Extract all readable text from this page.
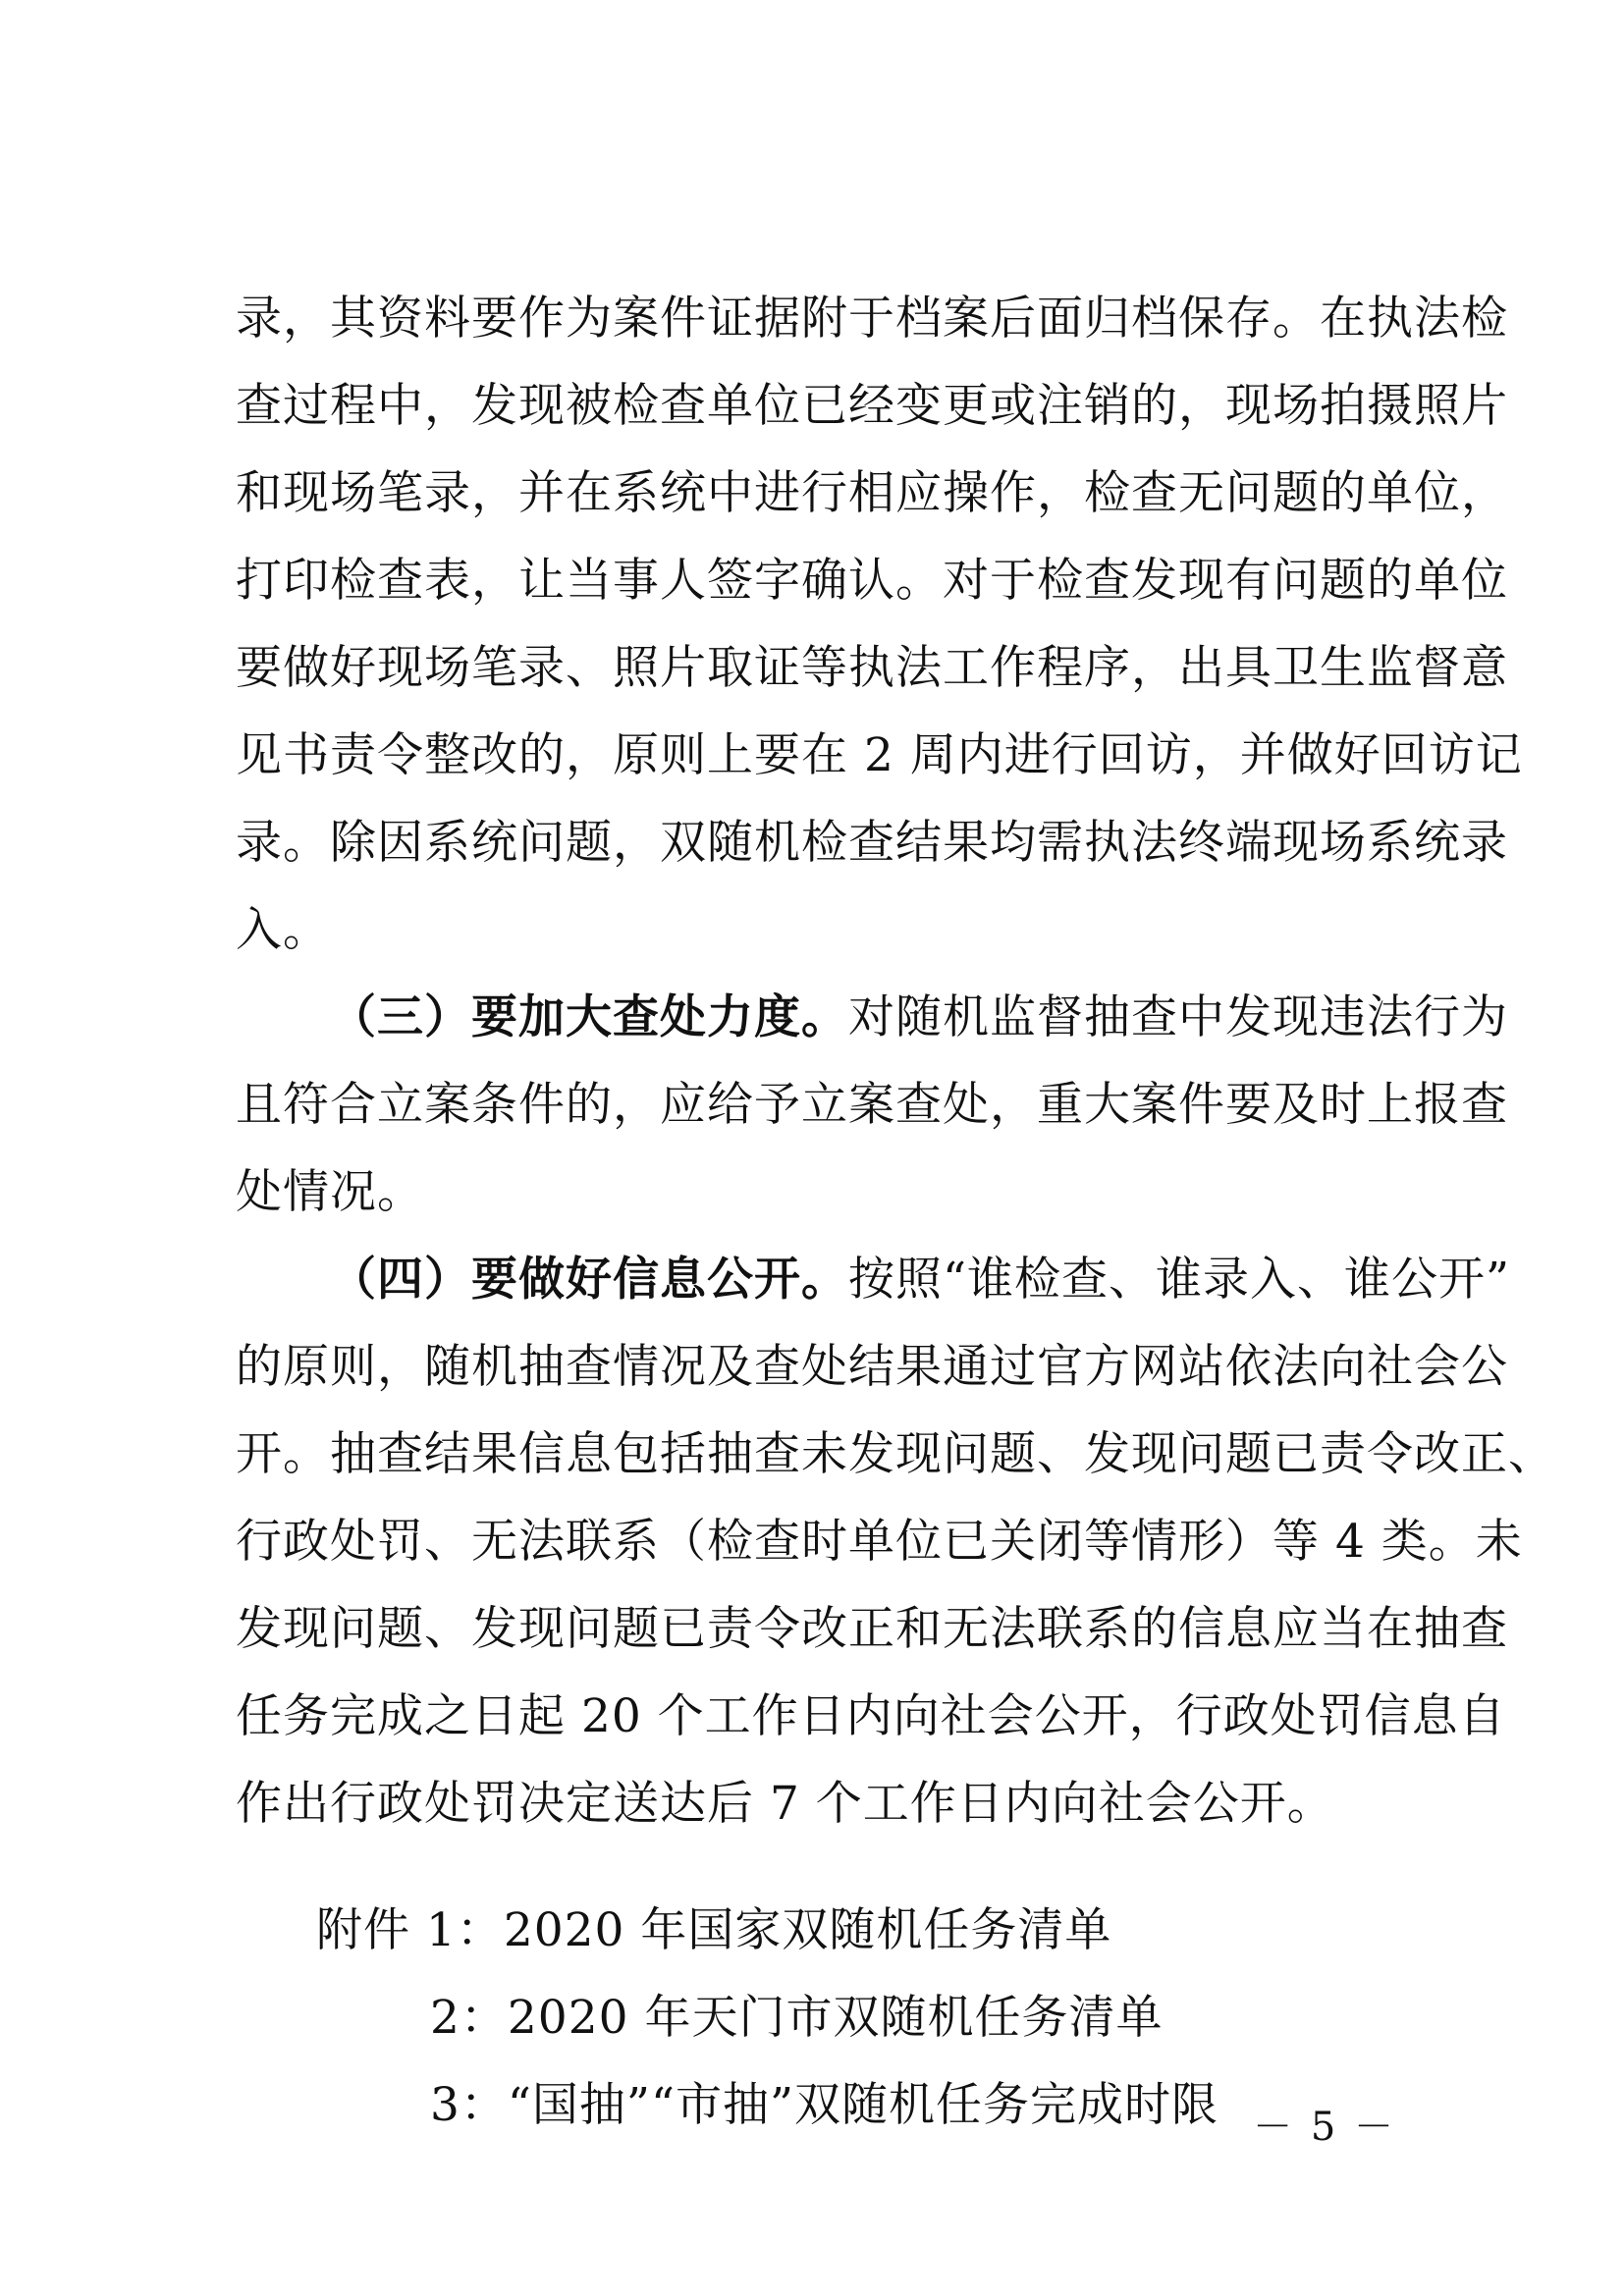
录，其资料要作为案件证据附于档案后面归档保存。在执法检
查过程中，发现被检查单位已经变更或注销的，现场拍摄照片
和现场笔录，并在系统中进行相应操作，检查无问题的单位，
打印检查表，让当事人签字确认。对于检查发现有问题的单位
要做好现场笔录、照片取证等执法工作程序，出具卫生监督意
见书责令整改的，原则上要在 2 周内进行回访，并做好回访记
录。除因系统问题，双随机检查结果均需执法终端现场系统录
入。
（三）要加大查处力度。对随机监督抽查中发现违法行为
且符合立案条件的，应给予立案查处，重大案件要及时上报查
处情况。
（四）要做好信息公开。按照“谁检查、谁录入、谁公开”
的原则，随机抽查情况及查处结果通过官方网站依法向社会公
开。抽查结果信息包括抽查未发现问题、发现问题已责令改正、
行政处罚、无法联系（检查时单位已关闭等情形）等 4 类。未
发现问题、发现问题已责令改正和无法联系的信息应当在抽查
任务完成之日起 20 个工作日内向社会公开，行政处罚信息自
作出行政处罚决定送达后 7 个工作日内向社会公开。
附件 1：2020 年国家双随机任务清单
2：2020 年天门市双随机任务清单
3：“国抽”“市抽”双随机任务完成时限 － 5 －
